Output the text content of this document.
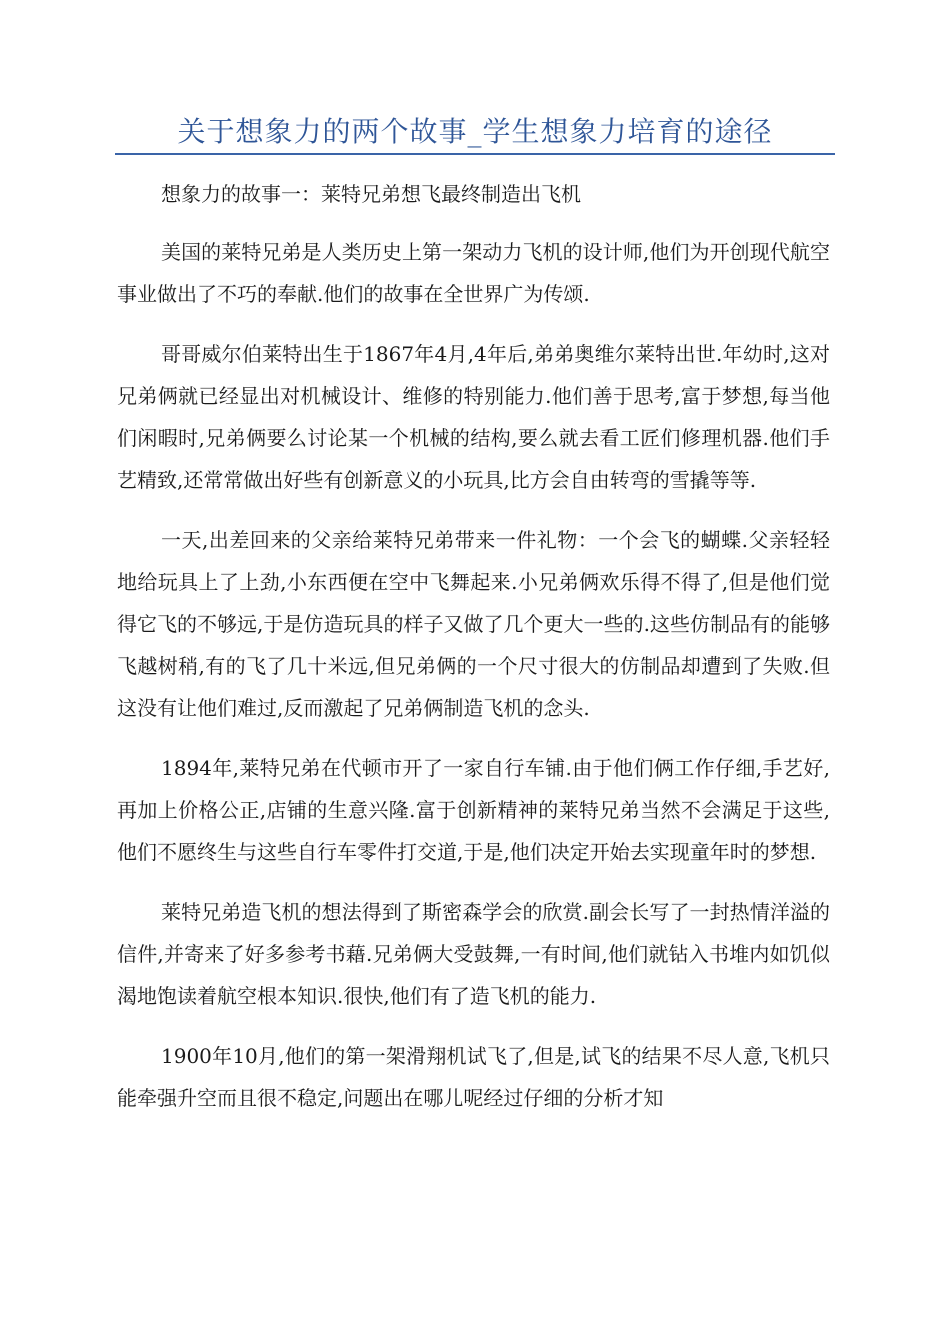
关于想象力的两个故事_学生想象力培育的途径

想象力的故事一：莱特兄弟想飞最终制造出飞机

美国的莱特兄弟是人类历史上第一架动力飞机的设计师,他们为开创现代航空事业做出了不巧的奉献.他们的故事在全世界广为传颂.

哥哥威尔伯莱特出生于1867年4月,4年后,弟弟奥维尔莱特出世.年幼时,这对兄弟俩就已经显出对机械设计、维修的特别能力.他们善于思考,富于梦想,每当他们闲暇时,兄弟俩要么讨论某一个机械的结构,要么就去看工匠们修理机器.他们手艺精致,还常常做出好些有创新意义的小玩具,比方会自由转弯的雪撬等等.

一天,出差回来的父亲给莱特兄弟带来一件礼物：一个会飞的蝴蝶.父亲轻轻地给玩具上了上劲,小东西便在空中飞舞起来.小兄弟俩欢乐得不得了,但是他们觉得它飞的不够远,于是仿造玩具的样子又做了几个更大一些的.这些仿制品有的能够飞越树稍,有的飞了几十米远,但兄弟俩的一个尺寸很大的仿制品却遭到了失败.但这没有让他们难过,反而激起了兄弟俩制造飞机的念头.

1894年,莱特兄弟在代顿市开了一家自行车铺.由于他们俩工作仔细,手艺好,再加上价格公正,店铺的生意兴隆.富于创新精神的莱特兄弟当然不会满足于这些,他们不愿终生与这些自行车零件打交道,于是,他们决定开始去实现童年时的梦想.

莱特兄弟造飞机的想法得到了斯密森学会的欣赏.副会长写了一封热情洋溢的信件,并寄来了好多参考书藉.兄弟俩大受鼓舞,一有时间,他们就钻入书堆内如饥似渴地饱读着航空根本知识.很快,他们有了造飞机的能力.

1900年10月,他们的第一架滑翔机试飞了,但是,试飞的结果不尽人意,飞机只能牵强升空而且很不稳定,问题出在哪儿呢经过仔细的分析才知
